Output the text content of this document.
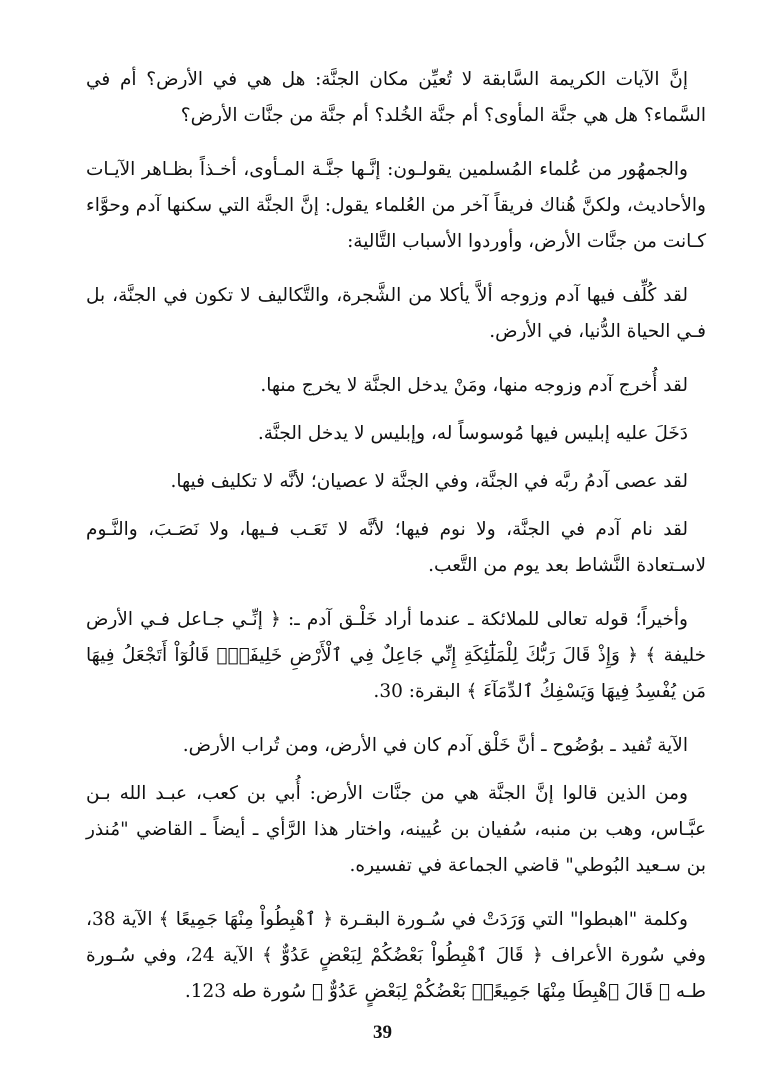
إنَّ الآيات الكريمة السَّابقة لا تُعيِّن مكان الجنَّة: هل هي في الأرض؟ أم في السَّماء؟ هل هي جنَّة المأوى؟ أم جنَّة الخُلد؟ أم جنَّة من جنَّات الأرض؟

والجمهُور من عُلماء المُسلمين يقولـون: إنَّـها جنَّـة المـأوى، أخـذاً بظـاهر الآيـات والأحاديث، ولكنَّ هُناك فريقاً آخر من العُلماء يقول: إنَّ الجنَّة التي سكنها آدم وحوَّاء كـانت من جنَّات الأرض، وأوردوا الأسباب التَّالية:

لقد كُلِّف فيها آدم وزوجه ألاَّ يأكلا من الشَّجرة، والتَّكاليف لا تكون في الجنَّة، بل فـي الحياة الدُّنيا، في الأرض.

لقد أُخرج آدم وزوجه منها، ومَنْ يدخل الجنَّة لا يخرج منها.

دَخَلَ عليه إبليس فيها مُوسوساً له، وإبليس لا يدخل الجنَّة.

لقد عصى آدمُ ربَّه في الجنَّة، وفي الجنَّة لا عصيان؛ لأنَّه لا تكليف فيها.

لقد نام آدم في الجنَّة، ولا نوم فيها؛ لأنَّه لا تَعَـب فـيها، ولا نَصَـبَ، والنَّـوم لاسـتعادة النَّشاط بعد يوم من التَّعب.

وأخيراً؛ قوله تعالى للملائكة ـ عندما أراد خَلْـق آدم ـ: ﴿ إنِّـي جـاعل فـي الأرض خليفة ﴾ ﴿ وَإِذْ قَالَ رَبُّكَ لِلْمَلَٰٓئِكَةِ إِنِّي جَاعِلٌ فِي ٱلْأَرْضِ خَلِيفَةًۖ قَالُوٓاْ أَتَجْعَلُ فِيهَا مَن يُفْسِدُ فِيهَا وَيَسْفِكُ ٱلدِّمَآءَ ﴾ البقرة: 30.

الآية تُفيد ـ بوُضُوح ـ أنَّ خَلْق آدم كان في الأرض، ومن تُراب الأرض.

ومن الذين قالوا إنَّ الجنَّة هي من جنَّات الأرض: أُبي بن كعب، عبـد الله بـن عبَّـاس، وهب بن منبه، سُفيان بن عُيينه، واختار هذا الرَّأي ـ أيضاً ـ القاضي "مُنذر بن سـعيد البُوطي" قاضي الجماعة في تفسيره.

وكلمة "اهبطوا" التي وَرَدَتْ في سُـورة البقـرة ﴿ ٱهْبِطُواْ مِنْهَا جَمِيعًا ﴾ الآية 38، وفي سُورة الأعراف ﴿ قَالَ ٱهْبِطُواْ بَعْضُكُمْ لِبَعْضٍ عَدُوٌّ ﴾ الآية 24، وفي سُـورة طـه ﴿ قَالَ ٱهْبِطَا مِنْهَا جَمِيعًاۖ بَعْضُكُمْ لِبَعْضٍ عَدُوٌّ ﴾ سُورة طه 123.

39
